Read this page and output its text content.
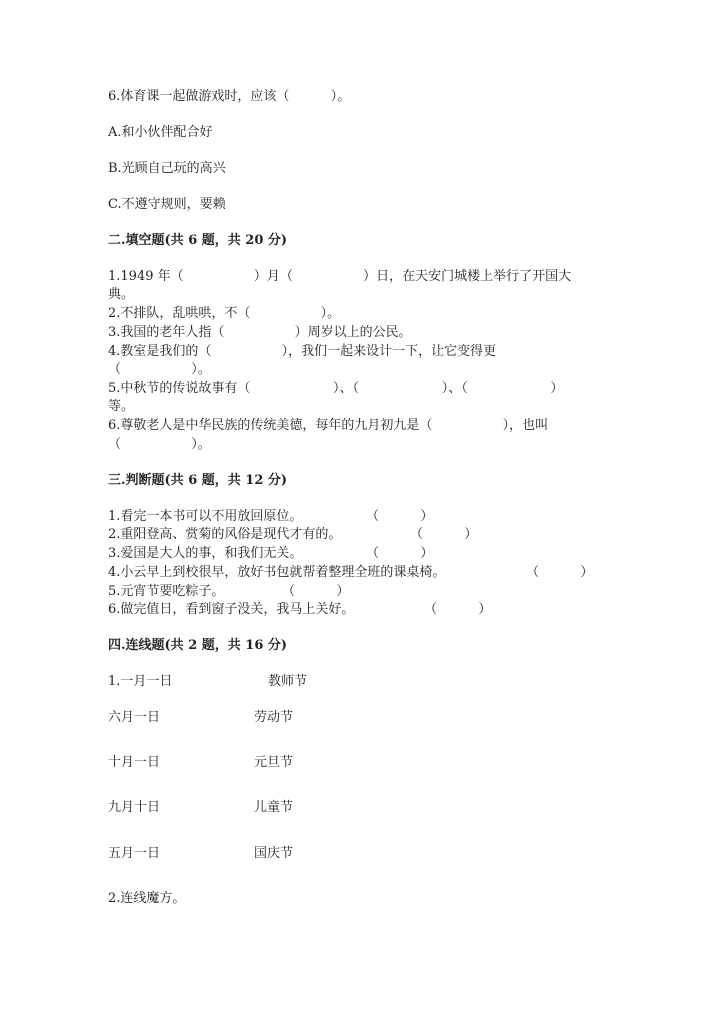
6.体育课一起做游戏时，应该（          ）。
A.和小伙伴配合好
B.光顾自己玩的高兴
C.不遵守规则，要赖
二.填空题(共 6 题，共 20 分)
1.1949 年（                 ）月（                 ）日，在天安门城楼上举行了开国大
典。
2.不排队，乱哄哄，不（                 ）。
3.我国的老年人指（                 ）周岁以上的公民。
4.教室是我们的（                 ），我们一起来设计一下，让它变得更
（                 ）。
5.中秋节的传说故事有（                    ）、（                    ）、（                    ）
等。
6.尊敬老人是中华民族的传统美德，每年的九月初九是（                 ），也叫
（                 ）。
三.判断题(共 6 题，共 12 分)
1.看完一本书可以不用放回原位。	（          ）
2.重阳登高、赏菊的风俗是现代才有的。	（          ）
3.爱国是大人的事，和我们无关。	（          ）
4.小云早上到校很早，放好书包就帮着整理全班的课桌椅。	（          ）
5.元宵节要吃粽子。	（          ）
6.做完值日，看到窗子没关，我马上关好。	（          ）
四.连线题(共 2 题，共 16 分)
1.一月一日	教师节
六月一日	劳动节
十月一日	元旦节
九月十日	儿童节
五月一日	国庆节
2.连线魔方。
